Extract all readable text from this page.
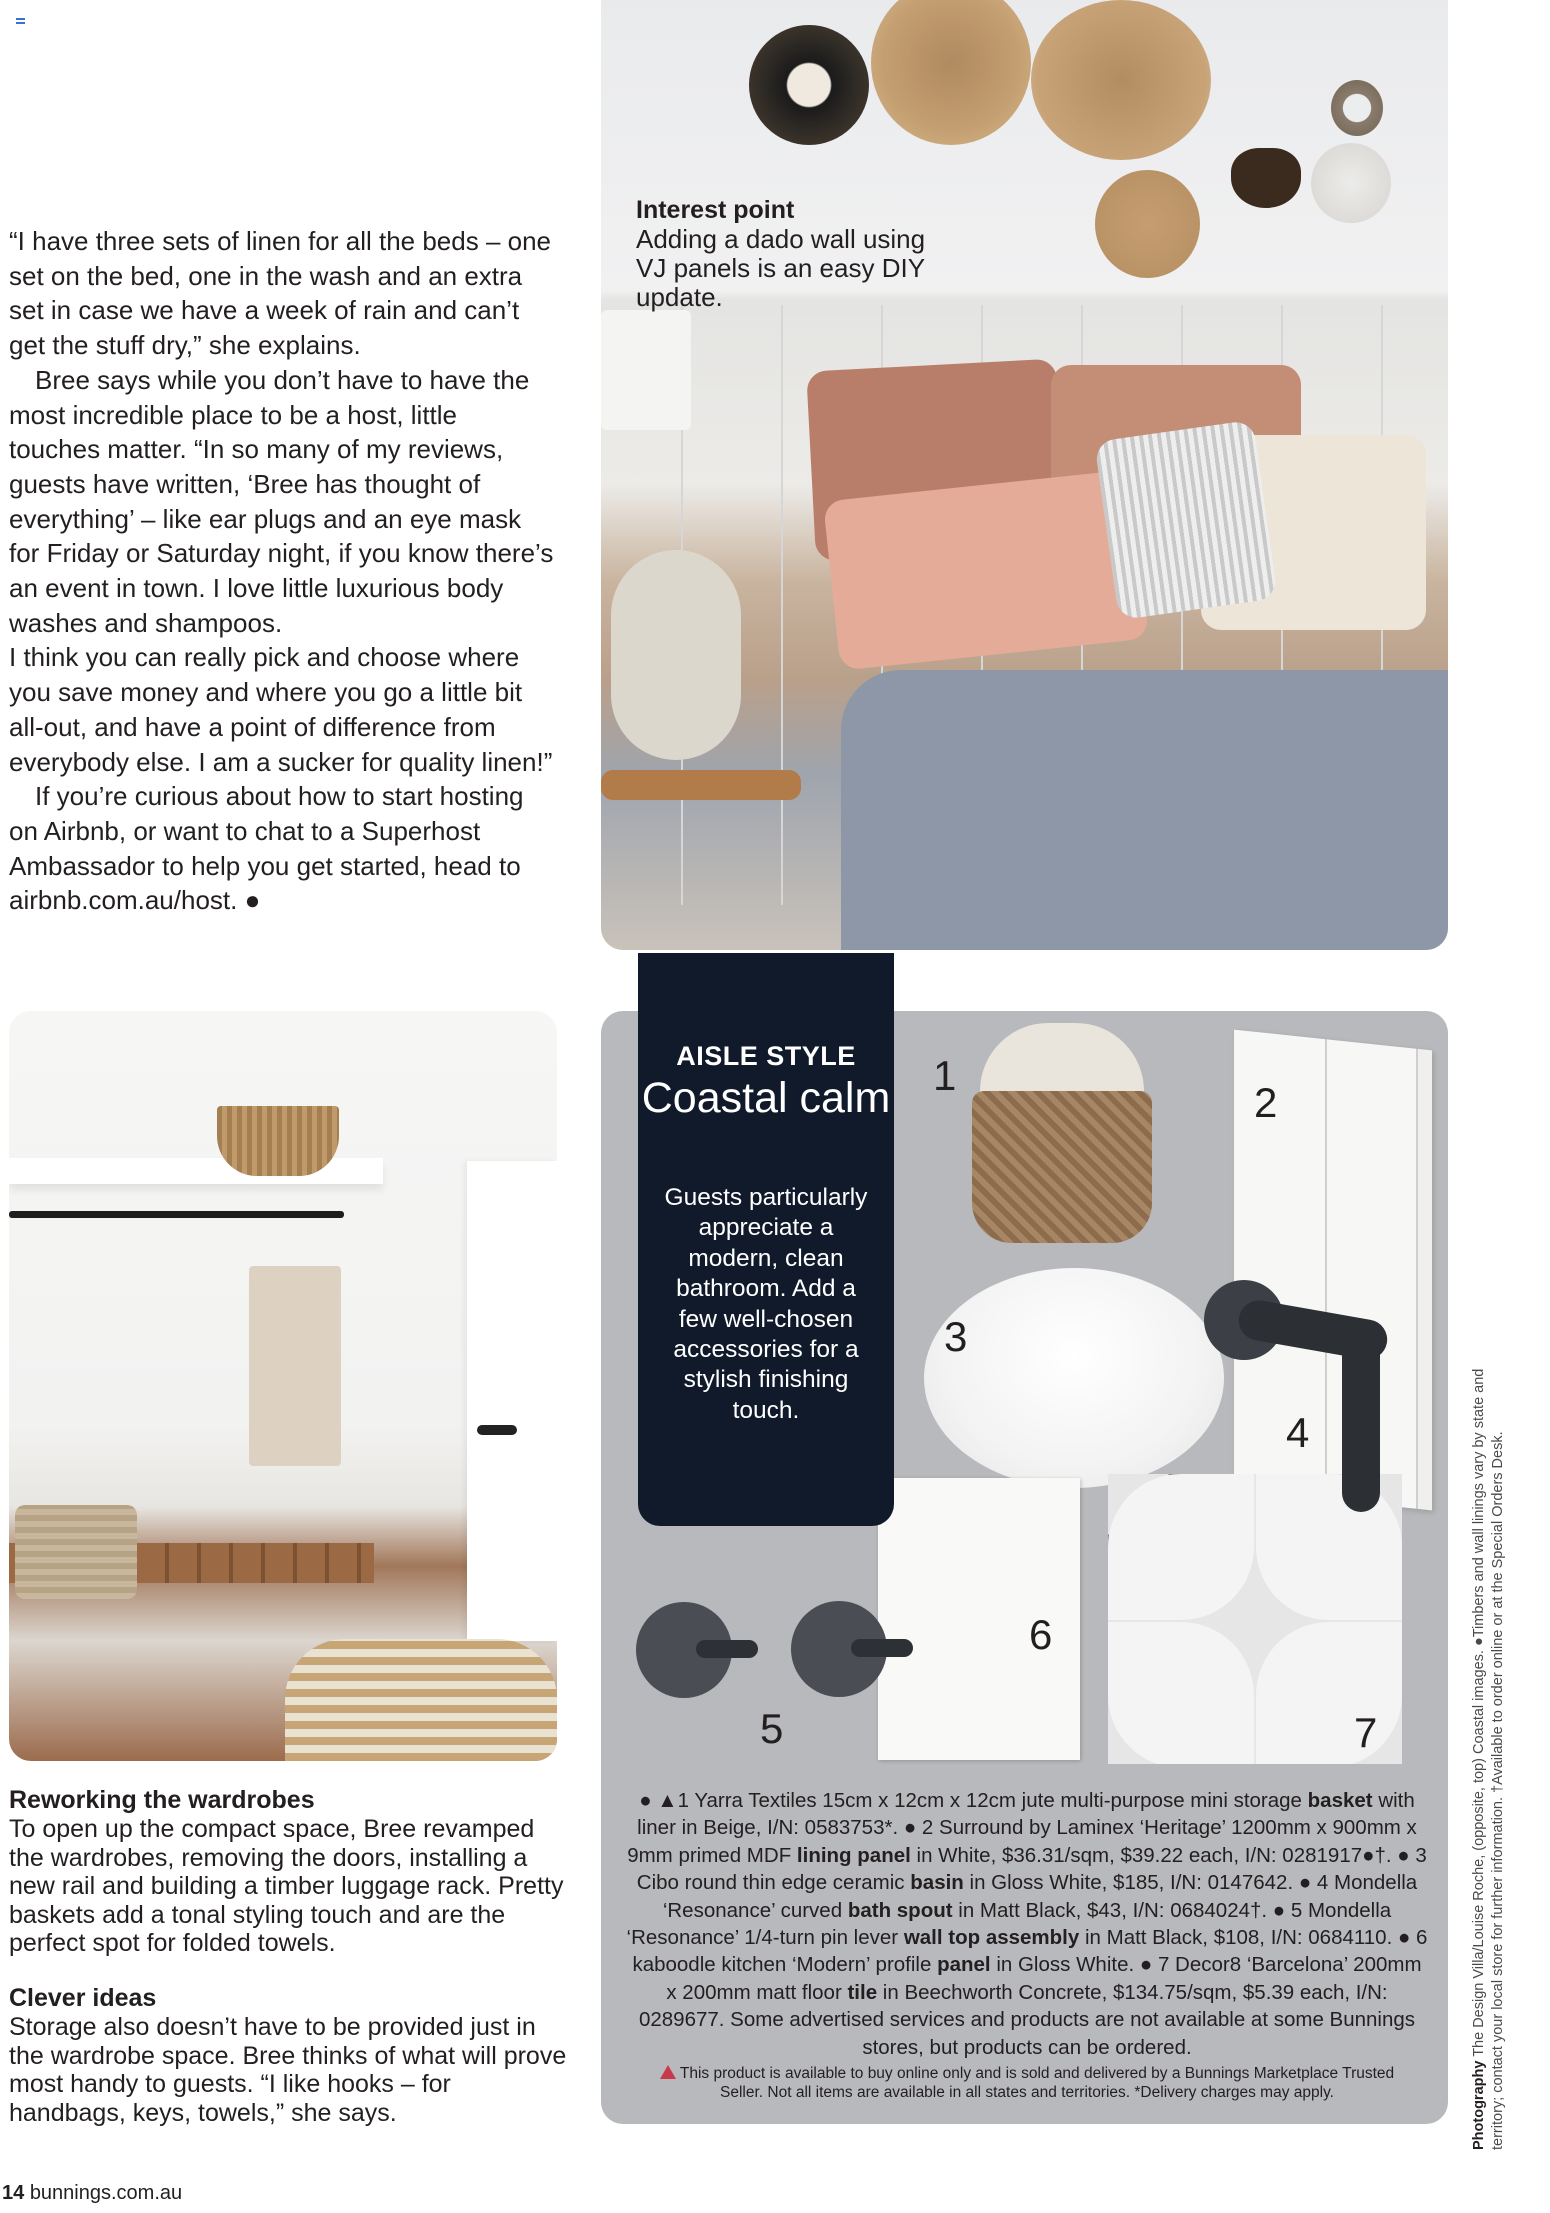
“I have three sets of linen for all the beds – one set on the bed, one in the wash and an extra set in case we have a week of rain and can’t get the stuff dry,” she explains.

Bree says while you don’t have to have the most incredible place to be a host, little touches matter. “In so many of my reviews, guests have written, ‘Bree has thought of everything’ – like ear plugs and an eye mask for Friday or Saturday night, if you know there’s an event in town. I love little luxurious body washes and shampoos.

I think you can really pick and choose where you save money and where you go a little bit all-out, and have a point of difference from everybody else. I am a sucker for quality linen!”

If you’re curious about how to start hosting on Airbnb, or want to chat to a Superhost Ambassador to help you get started, head to airbnb.com.au/host. ●

Interest point
Adding a dado wall using VJ panels is an easy DIY update.
Reworking the wardrobes
To open up the compact space, Bree revamped the wardrobes, removing the doors, installing a new rail and building a timber luggage rack. Pretty baskets add a tonal styling touch and are the perfect spot for folded towels.
Clever ideas
Storage also doesn’t have to be provided just in the wardrobe space. Bree thinks of what will prove most handy to guests. “I like hooks – for handbags, keys, towels,” she says.
1
2
3
4
5
6
7
AISLE STYLE
Coastal calm
Guests particularly appreciate a modern, clean bathroom. Add a few well-chosen accessories for a stylish finishing touch.
● ▲1 Yarra Textiles 15cm x 12cm x 12cm jute multi-purpose mini storage basket with liner in Beige, I/N: 0583753*. ● 2 Surround by Laminex ‘Heritage’ 1200mm x 900mm x 9mm primed MDF lining panel in White, $36.31/sqm, $39.22 each, I/N: 0281917●†. ● 3 Cibo round thin edge ceramic basin in Gloss White, $185, I/N: 0147642. ● 4 Mondella ‘Resonance’ curved bath spout in Matt Black, $43, I/N: 0684024†. ● 5 Mondella ‘Resonance’ 1/4-turn pin lever wall top assembly in Matt Black, $108, I/N: 0684110. ● 6 kaboodle kitchen ‘Modern’ profile panel in Gloss White. ● 7 Decor8 ‘Barcelona’ 200mm x 200mm matt floor tile in Beechworth Concrete, $134.75/sqm, $5.39 each, I/N: 0289677. Some advertised services and products are not available at some Bunnings stores, but products can be ordered.
This product is available to buy online only and is sold and delivered by a Bunnings Marketplace Trusted Seller. Not all items are available in all states and territories. *Delivery charges may apply.	Photography The Design Villa/Louise Roche, (opposite, top) Coastal images. ●Timbers and wall linings vary by state and territory; contact your local store for further information. †Available to order online or at the Special Orders Desk.
14 bunnings.com.au
